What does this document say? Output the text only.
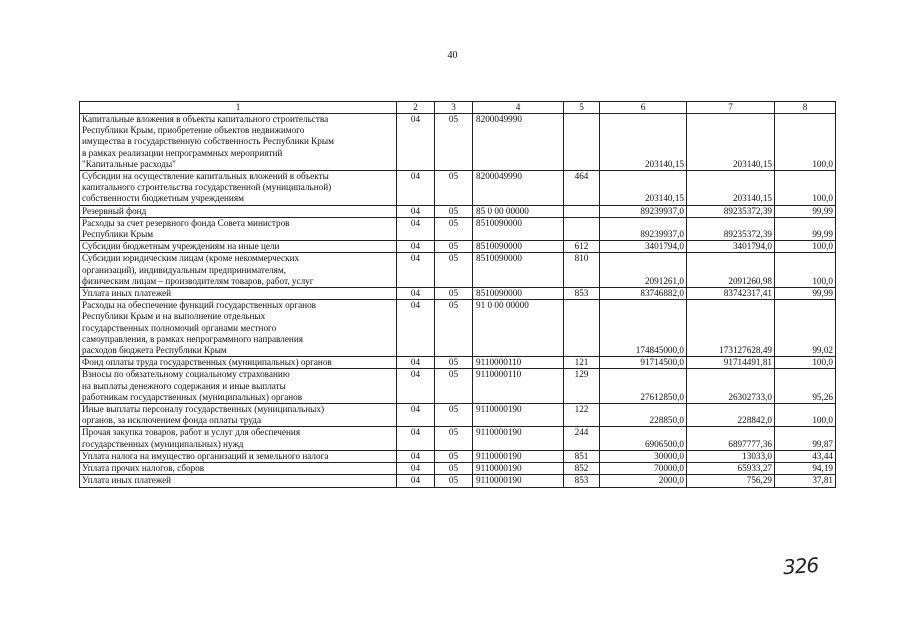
40
1	2	3	4	5	6	7	8
Капитальные вложения в объекты капитального строительства
Республики Крым, приобретение объектов недвижимого
имущества в государственную собственность Республики Крым
в рамках реализации непрограммных мероприятий
"Капитальные расходы"	04	05	8200049990		203140,15	203140,15	100,0
Субсидии на осуществление капитальных вложений в объекты
капитального строительства государственной (муниципальной)
собственности бюджетным учреждениям	04	05	8200049990	464	203140,15	203140,15	100,0
Резервный фонд	04	05	85 0 00 00000		89239937,0	89235372,39	99,99
Расходы за счет резервного фонда Совета министров
Республики Крым	04	05	8510090000		89239937,0	89235372,39	99,99
Субсидии бюджетным учреждениям на иные цели	04	05	8510090000	612	3401794,0	3401794,0	100,0
Субсидии юридическим лицам (кроме некоммерческих
организаций), индивидуальным предпринимателям,
физическим лицам – производителям товаров, работ, услуг	04	05	8510090000	810	2091261,0	2091260,98	100,0
Уплата иных платежей	04	05	8510090000	853	83746882,0	83742317,41	99,99
Расходы на обеспечение функций государственных органов
Республики Крым и на выполнение отдельных
государственных полномочий органами местного
самоуправления, в рамках непрограммного направления
расходов бюджета Республики Крым	04	05	91 0 00 00000		174845000,0	173127628,49	99,02
Фонд оплаты труда государственных (муниципальных) органов	04	05	9110000110	121	91714500,0	91714491,81	100,0
Взносы по обязательному социальному страхованию
на выплаты денежного содержания и иные выплаты
работникам государственных (муниципальных) органов	04	05	9110000110	129	27612850,0	26302733,0	95,26
Иные выплаты персоналу государственных (муниципальных)
органов, за исключением фонда оплаты труда	04	05	9110000190	122	228850,0	228842,0	100,0
Прочая закупка товаров, работ и услуг для обеспечения
государственных (муниципальных) нужд	04	05	9110000190	244	6906500,0	6897777,36	99,87
Уплата налога на имущество организаций и земельного налога	04	05	9110000190	851	30000,0	13033,0	43,44
Уплата прочих налогов, сборов	04	05	9110000190	852	70000,0	65933,27	94,19
Уплата иных платежей	04	05	9110000190	853	2000,0	756,29	37,81
326
